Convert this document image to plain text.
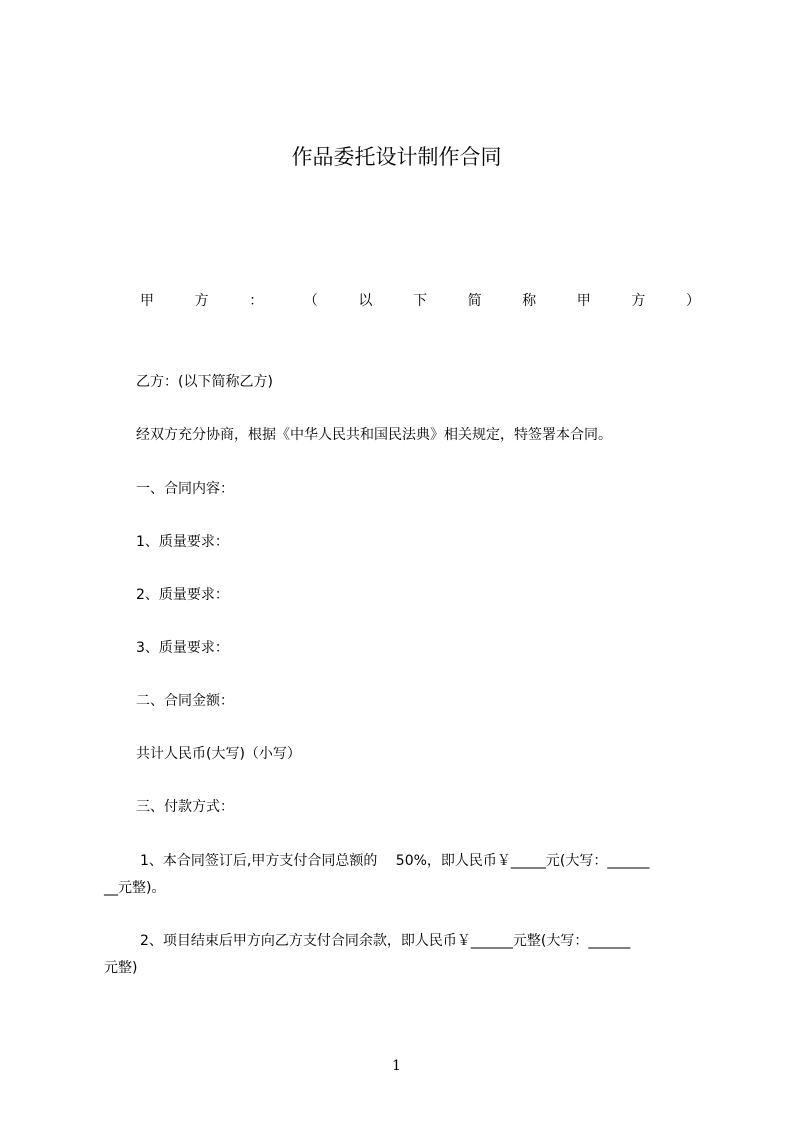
作品委托设计制作合同
甲	方	：	（	以	下	简	称	甲	方	）
乙方：(以下简称乙方)
经双方充分协商，根据《中华人民共和国民法典》相关规定，特签署本合同。
一、合同内容：
1、质量要求：
2、质量要求：
3、质量要求：
二、合同金额：
共计人民币(大写)（小写）
三、付款方式：
1、本合同签订后,甲方支付合同总额的　 50%，即人民币￥_____元(大写：______
__元整)。
2、项目结束后甲方向乙方支付合同余款，即人民币￥______元整(大写：______
元整)
1
